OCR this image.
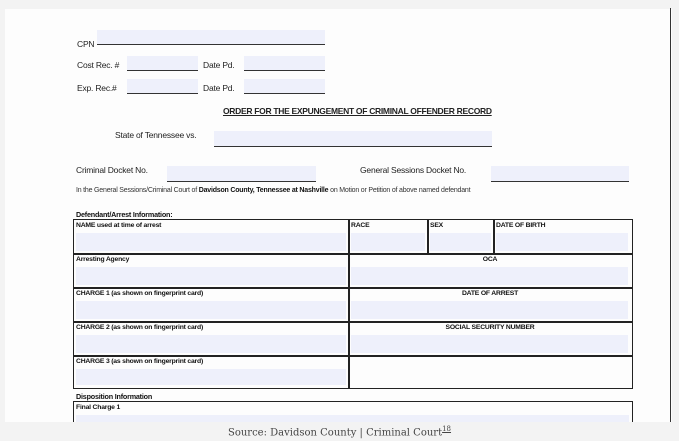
CPN
Cost Rec. #	Date Pd.
Exp. Rec.#	Date Pd.
ORDER FOR THE EXPUNGEMENT OF CRIMINAL OFFENDER RECORD
State of Tennessee vs.
Criminal Docket No.	General Sessions Docket No.
In the General Sessions/Criminal Court of Davidson County, Tennessee at Nashville on Motion or Petition of above named defendant
Defendant/Arrest Information:
NAME used at time of arrest	RACE	SEX	DATE OF BIRTH
Arresting Agency	OCA
CHARGE 1 (as shown on fingerprint card)	DATE OF ARREST
CHARGE 2 (as shown on fingerprint card)	SOCIAL SECURITY NUMBER
CHARGE 3 (as shown on fingerprint card)
Disposition Information
Final Charge 1
Source: Davidson County | Criminal Court$^{18}$
